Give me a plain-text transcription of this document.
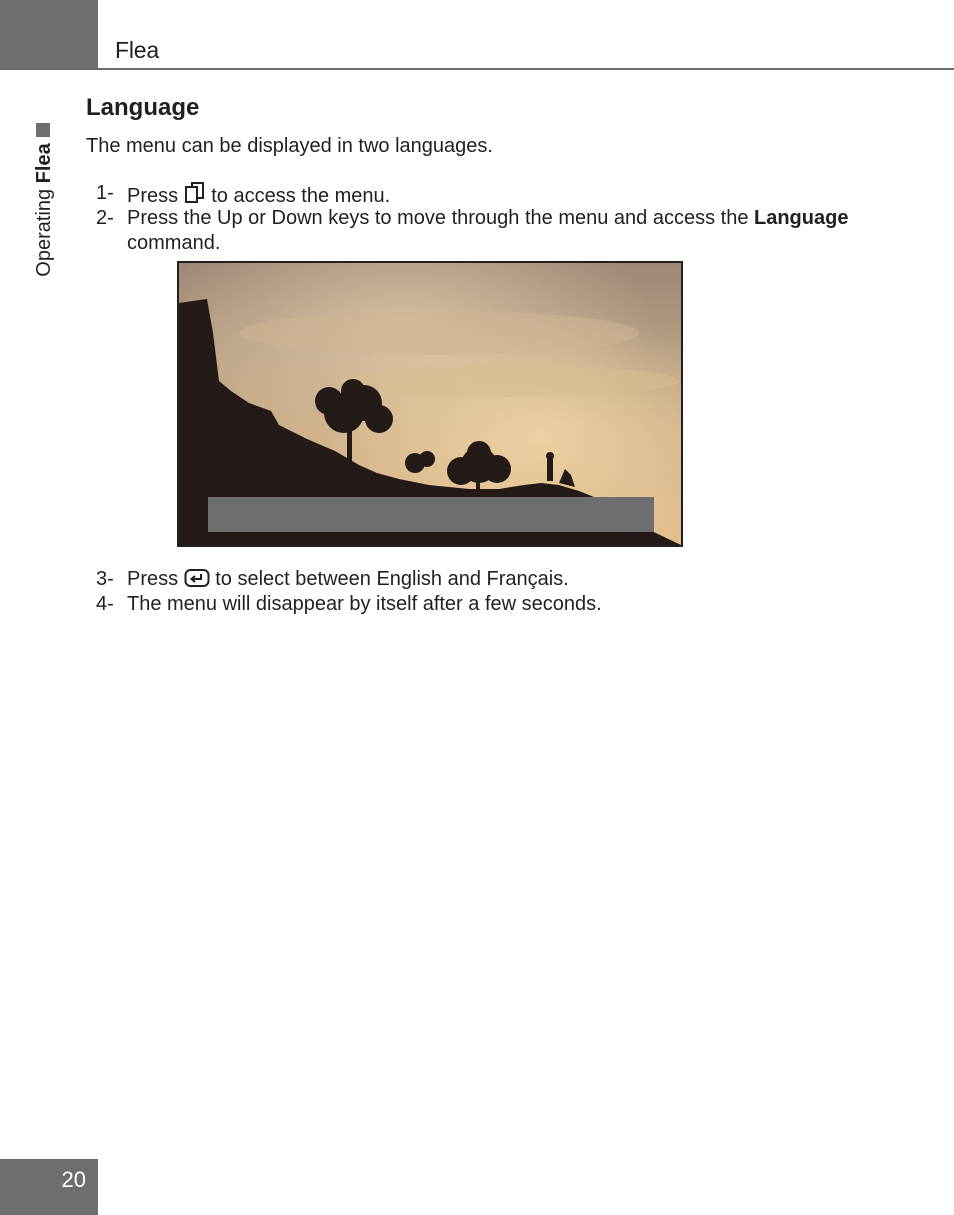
Flea
Operating Flea
Language

The menu can be displayed in two languages.

1- Press to access the menu.
2- Press the Up or Down keys to move through the menu and access the Language
command.
3- Press to select between English and Français.
4- The menu will disappear by itself after a few seconds.
20
